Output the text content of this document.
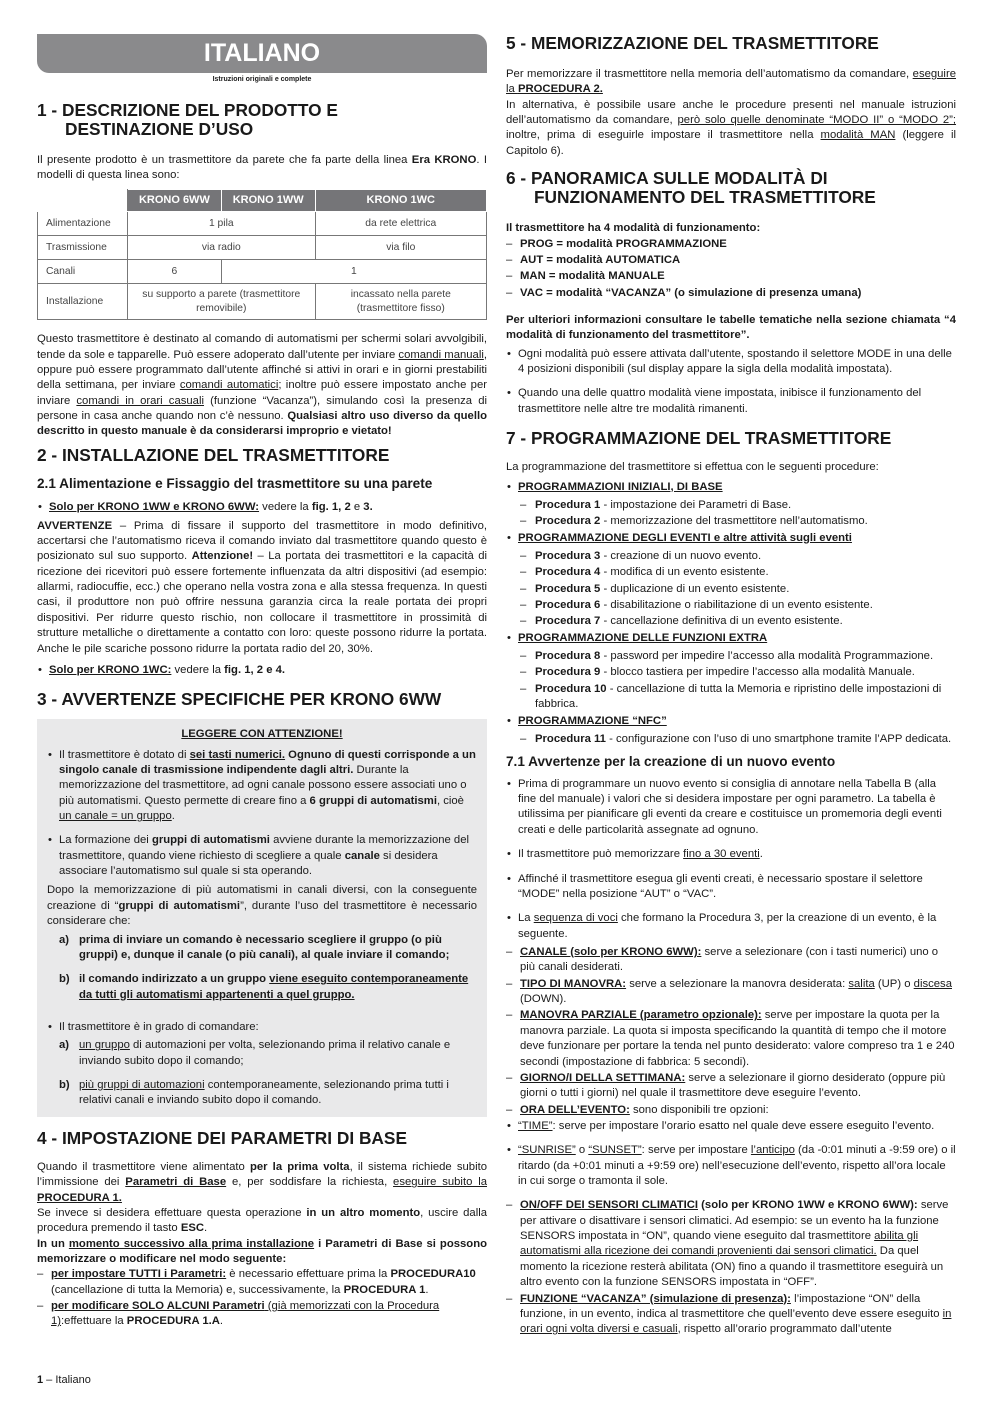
ITALIANO
Istruzioni originali e complete
1 - DESCRIZIONE DEL PRODOTTO E
DESTINAZIONE D’USO

Il presente prodotto è un trasmettitore da parete che fa parte della linea Era KRONO. I modelli di questa linea sono:

	KRONO 6WW	KRONO 1WW	KRONO 1WC
Alimentazione	1 pila		da rete elettrica
Trasmissione	via radio		via filo
Canali	6	1	
Installazione	su supporto a parete (trasmettitore removibile)		incassato nella parete (trasmettitore fisso)

Questo trasmettitore è destinato al comando di automatismi per schermi solari avvolgibili, tende da sole e tapparelle. Può essere adoperato dall’utente per inviare comandi manuali, oppure può essere programmato dall’utente affinché si attivi in orari e in giorni prestabiliti della settimana, per inviare comandi automatici; inoltre può essere impostato anche per inviare comandi in orari casuali (funzione “Vacanza”), simulando così la presenza di persone in casa anche quando non c’è nessuno. Qualsiasi altro uso diverso da quello descritto in questo manuale è da considerarsi improprio e vietato!

2 - INSTALLAZIONE DEL TRASMETTITORE
2.1 Alimentazione e Fissaggio del trasmettitore su una parete
• Solo per KRONO 1WW e KRONO 6WW: vedere la fig. 1, 2 e 3.

AVVERTENZE – Prima di fissare il supporto del trasmettitore in modo definitivo, accertarsi che l’automatismo riceva il comando inviato dal trasmettitore quando questo è posizionato sul suo supporto. Attenzione! – La portata dei trasmettitori e la capacità di ricezione dei ricevitori può essere fortemente influenzata da altri dispositivi (ad esempio: allarmi, radiocuffie, ecc.) che operano nella vostra zona e alla stessa frequenza. In questi casi, il produttore non può offrire nessuna garanzia circa la reale portata dei propri dispositivi. Per ridurre questo rischio, non collocare il trasmettitore in prossimità di strutture metalliche o direttamente a contatto con loro: queste possono ridurre la portata. Anche le pile scariche possono ridurre la portata radio del 20, 30%.

• Solo per KRONO 1WC: vedere la fig. 1, 2 e 4.
3 - AVVERTENZE SPECIFICHE PER KRONO 6WW
LEGGERE CON ATTENZIONE!
• Il trasmettitore è dotato di sei tasti numerici. Ognuno di questi corrisponde a un singolo canale di trasmissione indipendente dagli altri. Durante la memorizzazione del trasmettitore, ad ogni canale possono essere associati uno o più automatismi. Questo permette di creare fino a 6 gruppi di automatismi, cioè un canale = un gruppo.
• La formazione dei gruppi di automatismi avviene durante la memorizzazione del trasmettitore, quando viene richiesto di scegliere a quale canale si desidera associare l’automatismo sul quale si sta operando.

Dopo la memorizzazione di più automatismi in canali diversi, con la conseguente creazione di “gruppi di automatismi”, durante l’uso del trasmettitore è necessario considerare che:

a) prima di inviare un comando è necessario scegliere il gruppo (o più gruppi) e, dunque il canale (o più canali), al quale inviare il comando;
b) il comando indirizzato a un gruppo viene eseguito contemporaneamente da tutti gli automatismi appartenenti a quel gruppo.
• Il trasmettitore è in grado di comandare:
a) un gruppo di automazioni per volta, selezionando prima il relativo canale e inviando subito dopo il comando;
b) più gruppi di automazioni contemporaneamente, selezionando prima tutti i relativi canali e inviando subito dopo il comando.
4 - IMPOSTAZIONE DEI PARAMETRI DI BASE

Quando il trasmettitore viene alimentato per la prima volta, il sistema richiede subito l’immissione dei Parametri di Base e, per soddisfare la richiesta, eseguire subito la PROCEDURA 1.

Se invece si desidera effettuare questa operazione in un altro momento, uscire dalla procedura premendo il tasto ESC.

In un momento successivo alla prima installazione i Parametri di Base si possono memorizzare o modificare nel modo seguente:

– per impostare TUTTI i Parametri: è necessario effettuare prima la PROCEDURA10 (cancellazione di tutta la Memoria) e, successivamente, la PROCEDURA 1.
– per modificare SOLO ALCUNI Parametri (già memorizzati con la Procedura 1):effettuare la PROCEDURA 1.A.
5 - MEMORIZZAZIONE DEL TRASMETTITORE

Per memorizzare il trasmettitore nella memoria dell’automatismo da comandare, eseguire la PROCEDURA 2.

In alternativa, è possibile usare anche le procedure presenti nel manuale istruzioni dell’automatismo da comandare, però solo quelle denominate “MODO II” o “MODO 2”; inoltre, prima di eseguirle impostare il trasmettitore nella modalità MAN (leggere il Capitolo 6).

6 - PANORAMICA SULLE MODALITÀ DI
FUNZIONAMENTO DEL TRASMETTITORE

Il trasmettitore ha 4 modalità di funzionamento:

– PROG = modalità PROGRAMMAZIONE
– AUT = modalità AUTOMATICA
– MAN = modalità MANUALE
– VAC = modalità “VACANZA” (o simulazione di presenza umana)

Per ulteriori informazioni consultare le tabelle tematiche nella sezione chiamata “4 modalità di funzionamento del trasmettitore”.

• Ogni modalità può essere attivata dall’utente, spostando il selettore MODE in una delle 4 posizioni disponibili (sul display appare la sigla della modalità impostata).
• Quando una delle quattro modalità viene impostata, inibisce il funzionamento del trasmettitore nelle altre tre modalità rimanenti.
7 - PROGRAMMAZIONE DEL TRASMETTITORE

La programmazione del trasmettitore si effettua con le seguenti procedure:

• PROGRAMMAZIONI INIZIALI, DI BASE
– Procedura 1 - impostazione dei Parametri di Base.
– Procedura 2 - memorizzazione del trasmettitore nell’automatismo.
• PROGRAMMAZIONE DEGLI EVENTI e altre attività sugli eventi
– Procedura 3 - creazione di un nuovo evento.
– Procedura 4 - modifica di un evento esistente.
– Procedura 5 - duplicazione di un evento esistente.
– Procedura 6 - disabilitazione o riabilitazione di un evento esistente.
– Procedura 7 - cancellazione definitiva di un evento esistente.
• PROGRAMMAZIONE DELLE FUNZIONI EXTRA
– Procedura 8 - password per impedire l’accesso alla modalità Programmazione.
– Procedura 9 - blocco tastiera per impedire l’accesso alla modalità Manuale.
– Procedura 10 - cancellazione di tutta la Memoria e ripristino delle impostazioni di fabbrica.
• PROGRAMMAZIONE “NFC”
– Procedura 11 - configurazione con l’uso di uno smartphone tramite l’APP dedicata.
7.1 Avvertenze per la creazione di un nuovo evento
• Prima di programmare un nuovo evento si consiglia di annotare nella Tabella B (alla fine del manuale) i valori che si desidera impostare per ogni parametro. La tabella è utilissima per pianificare gli eventi da creare e costituisce un promemoria degli eventi creati e delle particolarità assegnate ad ognuno.
• Il trasmettitore può memorizzare fino a 30 eventi.
• Affinché il trasmettitore esegua gli eventi creati, è necessario spostare il selettore “MODE” nella posizione “AUT” o “VAC”.
• La sequenza di voci che formano la Procedura 3, per la creazione di un evento, è la seguente.
– CANALE (solo per KRONO 6WW): serve a selezionare (con i tasti numerici) uno o più canali desiderati.
– TIPO DI MANOVRA: serve a selezionare la manovra desiderata: salita (UP) o discesa (DOWN).
– MANOVRA PARZIALE (parametro opzionale): serve per impostare la quota per la manovra parziale. La quota si imposta specificando la quantità di tempo che il motore deve funzionare per portare la tenda nel punto desiderato: valore compreso tra 1 e 240 secondi (impostazione di fabbrica: 5 secondi).
– GIORNO/I DELLA SETTIMANA: serve a selezionare il giorno desiderato (oppure più giorni o tutti i giorni) nel quale il trasmettitore deve eseguire l’evento.
– ORA DELL’EVENTO: sono disponibili tre opzioni:
• “TIME”: serve per impostare l’orario esatto nel quale deve essere eseguito l’evento.
• “SUNRISE” o “SUNSET”: serve per impostare l’anticipo (da -0:01 minuti a -9:59 ore) o il ritardo (da +0:01 minuti a +9:59 ore) nell’esecuzione dell’evento, rispetto all’ora locale in cui sorge o tramonta il sole.
– ON/OFF DEI SENSORI CLIMATICI (solo per KRONO 1WW e KRONO 6WW): serve per attivare o disattivare i sensori climatici. Ad esempio: se un evento ha la funzione SENSORS impostata in “ON”, quando viene eseguito dal trasmettitore abilita gli automatismi alla ricezione dei comandi provenienti dai sensori climatici. Da quel momento la ricezione resterà abilitata (ON) fino a quando il trasmettitore eseguirà un altro evento con la funzione SENSORS impostata in “OFF”.
– FUNZIONE “VACANZA” (simulazione di presenza): l’impostazione “ON” della funzione, in un evento, indica al trasmettitore che quell’evento deve essere eseguito in orari ogni volta diversi e casuali, rispetto all’orario programmato dall’utente
1 – Italiano
